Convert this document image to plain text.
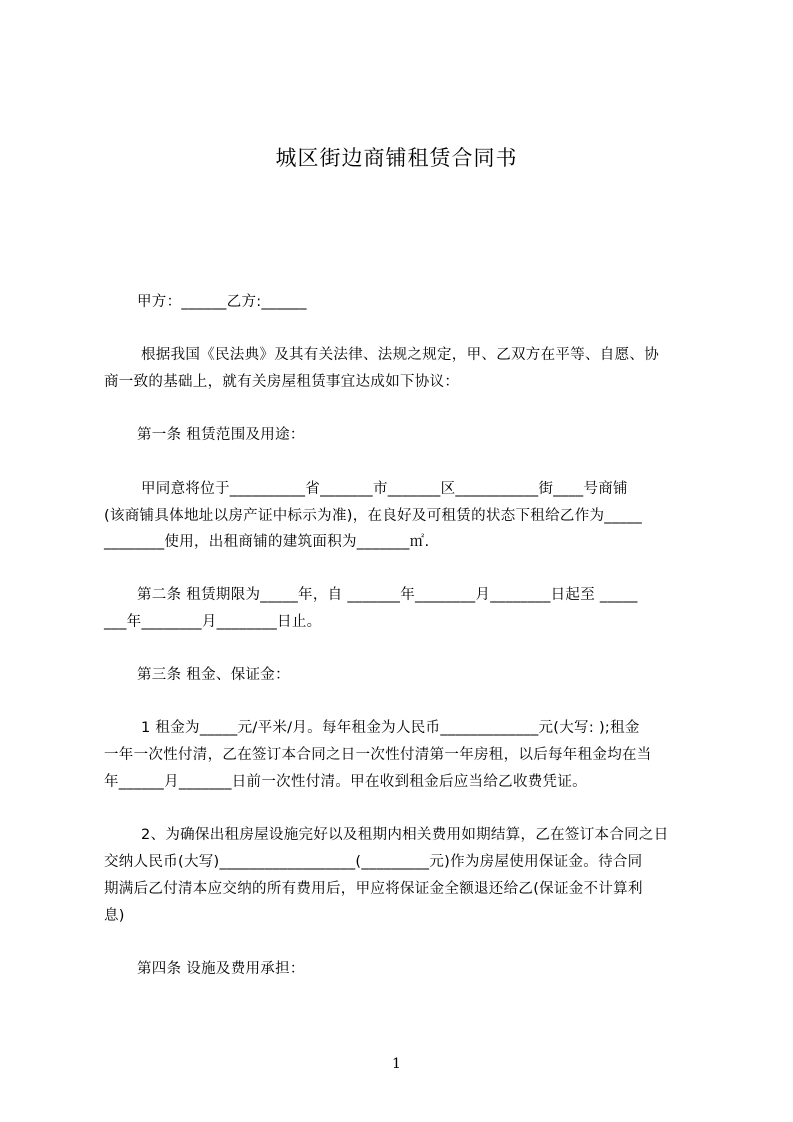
城区街边商铺租赁合同书
甲方：______乙方:______
根据我国《民法典》及其有关法律、法规之规定，甲、乙双方在平等、自愿、协
商一致的基础上，就有关房屋租赁事宜达成如下协议：
第一条 租赁范围及用途：
甲同意将位于__________省_______市_______区___________街____号商铺
(该商铺具体地址以房产证中标示为准)，在良好及可租赁的状态下租给乙作为_____
________使用，出租商铺的建筑面积为_______㎡.
第二条 租赁期限为_____年，自 _______年________月________日起至 _____
___年________月________日止。
第三条 租金、保证金：
1 租金为_____元/平米/月。每年租金为人民币_____________元(大写: );租金
一年一次性付清，乙在签订本合同之日一次性付清第一年房租，以后每年租金均在当
年______月_______日前一次性付清。甲在收到租金后应当给乙收费凭证。
2、为确保出租房屋设施完好以及租期内相关费用如期结算，乙在签订本合同之日
交纳人民币(大写)__________________(_________元)作为房屋使用保证金。待合同
期满后乙付清本应交纳的所有费用后，甲应将保证金全额退还给乙(保证金不计算利
息)
第四条 设施及费用承担：
1
